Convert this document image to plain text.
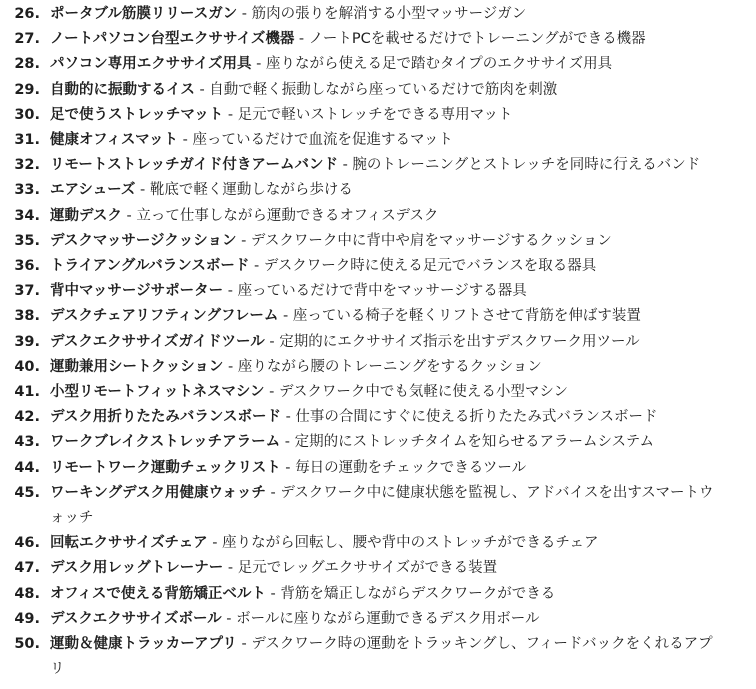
26. ポータブル筋膜リリースガン - 筋肉の張りを解消する小型マッサージガン
27. ノートパソコン台型エクササイズ機器 - ノートPCを載せるだけでトレーニングができる機器
28. パソコン専用エクササイズ用具 - 座りながら使える足で踏むタイプのエクササイズ用具
29. 自動的に振動するイス - 自動で軽く振動しながら座っているだけで筋肉を刺激
30. 足で使うストレッチマット - 足元で軽いストレッチをできる専用マット
31. 健康オフィスマット - 座っているだけで血流を促進するマット
32. リモートストレッチガイド付きアームバンド - 腕のトレーニングとストレッチを同時に行えるバンド
33. エアシューズ - 靴底で軽く運動しながら歩ける
34. 運動デスク - 立って仕事しながら運動できるオフィスデスク
35. デスクマッサージクッション - デスクワーク中に背中や肩をマッサージするクッション
36. トライアングルバランスボード - デスクワーク時に使える足元でバランスを取る器具
37. 背中マッサージサポーター - 座っているだけで背中をマッサージする器具
38. デスクチェアリフティングフレーム - 座っている椅子を軽くリフトさせて背筋を伸ばす装置
39. デスクエクササイズガイドツール - 定期的にエクササイズ指示を出すデスクワーク用ツール
40. 運動兼用シートクッション - 座りながら腰のトレーニングをするクッション
41. 小型リモートフィットネスマシン - デスクワーク中でも気軽に使える小型マシン
42. デスク用折りたたみバランスボード - 仕事の合間にすぐに使える折りたたみ式バランスボード
43. ワークブレイクストレッチアラーム - 定期的にストレッチタイムを知らせるアラームシステム
44. リモートワーク運動チェックリスト - 毎日の運動をチェックできるツール
45. ワーキングデスク用健康ウォッチ - デスクワーク中に健康状態を監視し、アドバイスを出すスマートウォッチ
46. 回転エクササイズチェア - 座りながら回転し、腰や背中のストレッチができるチェア
47. デスク用レッグトレーナー - 足元でレッグエクササイズができる装置
48. オフィスで使える背筋矯正ベルト - 背筋を矯正しながらデスクワークができる
49. デスクエクササイズボール - ボールに座りながら運動できるデスク用ボール
50. 運動＆健康トラッカーアプリ - デスクワーク時の運動をトラッキングし、フィードバックをくれるアプリ
